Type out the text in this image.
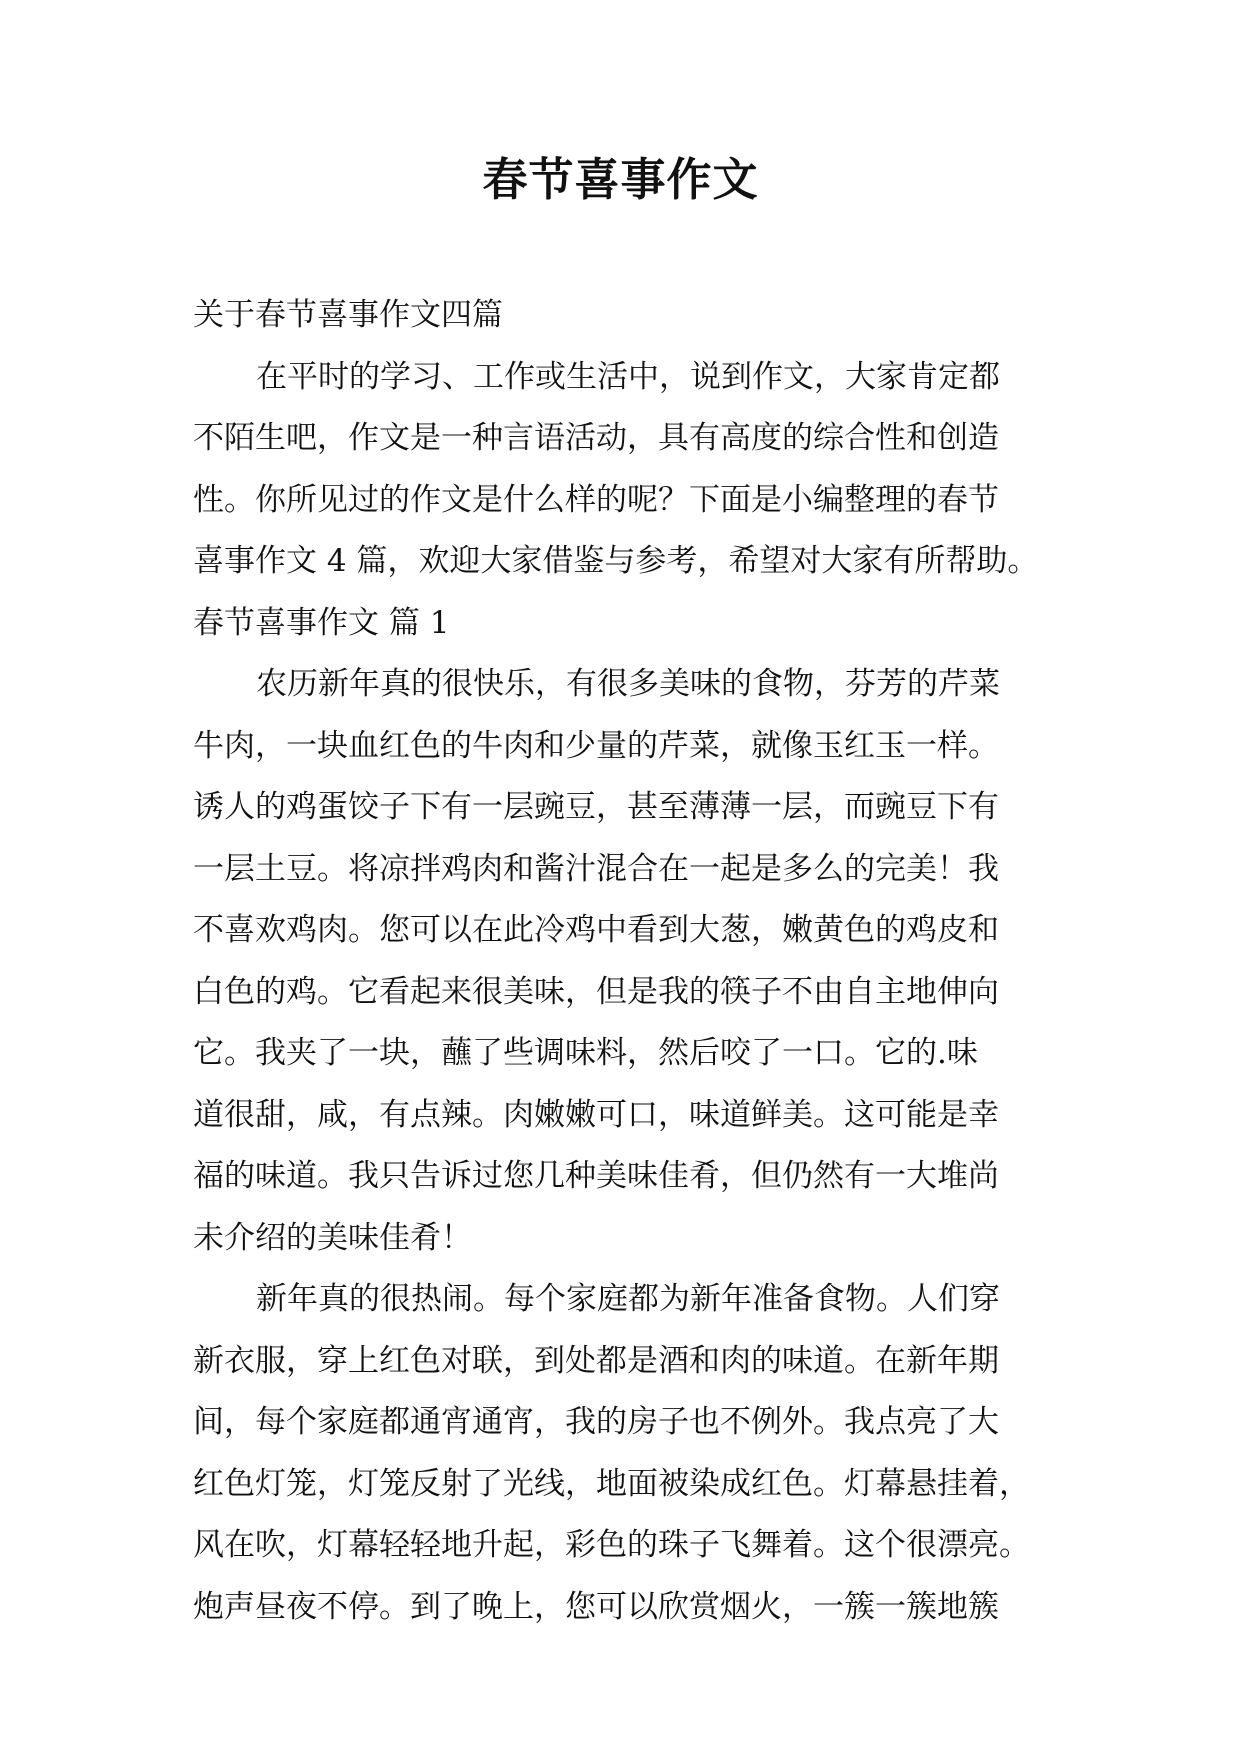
春节喜事作文
关于春节喜事作文四篇
在平时的学习、工作或生活中，说到作文，大家肯定都
不陌生吧，作文是一种言语活动，具有高度的综合性和创造
性。你所见过的作文是什么样的呢？下面是小编整理的春节
喜事作文 4 篇，欢迎大家借鉴与参考，希望对大家有所帮助。
春节喜事作文 篇 1
农历新年真的很快乐，有很多美味的食物，芬芳的芹菜
牛肉，一块血红色的牛肉和少量的芹菜，就像玉红玉一样。
诱人的鸡蛋饺子下有一层豌豆，甚至薄薄一层，而豌豆下有
一层土豆。将凉拌鸡肉和酱汁混合在一起是多么的完美！我
不喜欢鸡肉。您可以在此冷鸡中看到大葱，嫩黄色的鸡皮和
白色的鸡。它看起来很美味，但是我的筷子不由自主地伸向
它。我夹了一块，蘸了些调味料，然后咬了一口。它的.味
道很甜，咸，有点辣。肉嫩嫩可口，味道鲜美。这可能是幸
福的味道。我只告诉过您几种美味佳肴，但仍然有一大堆尚
未介绍的美味佳肴！
新年真的很热闹。每个家庭都为新年准备食物。人们穿
新衣服，穿上红色对联，到处都是酒和肉的味道。在新年期
间，每个家庭都通宵通宵，我的房子也不例外。我点亮了大
红色灯笼，灯笼反射了光线，地面被染成红色。灯幕悬挂着，
风在吹，灯幕轻轻地升起，彩色的珠子飞舞着。这个很漂亮。
炮声昼夜不停。到了晚上，您可以欣赏烟火，一簇一簇地簇
